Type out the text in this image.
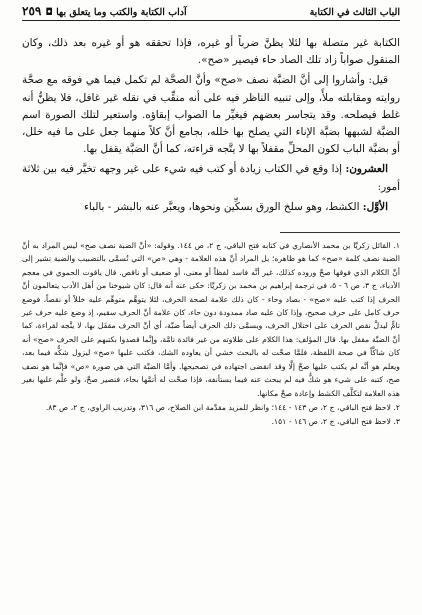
الباب الثالث في الكتابة
آداب الكتابة والكتب وما يتعلق بها ◘
٢٥٩

الكتابة غير متصلة بها لئلا يظنَّ ضرباً أو غيره، فإذا تحققه هو أو غيره بعد ذلك، وكان المنقول صواباً زاد تلك الصاد حاء فيصير «صح».

قيل: وأشاروا إلى أنَّ الضبَّة نصف «صح» وأنَّ الصحَّة لم تكمل فيما هي فوقه مع صحَّة روايته ومقابلته ملأً، وإلى تنبيه الناظر فيه على أنه منقِّب في نقله غير غافل، فلا يظنُّ أنه غلط فيصلحه. وقد يتجاسر بعضهم فيغيِّر ما الصواب إبقاؤه. واستعير لتلك الصورة اسم الضبَّة لشبهها بضبَّة الإناء التي يصلح بها خلله، بجامع أنَّ كلاً منهما جعل على ما فيه خلل، أو بضبَّة الباب لكون المحلِّ مقفلاً بها لا يتَّجه قراءته، كما أنَّ الضبَّة يقفل بها.

العشرون: إذا وقع في الكتاب زيادة أو كتب فيه شيء على غير وجهه تخيَّر فيه بين ثلاثة أمور:

الأوَّل: الكشط، وهو سلخ الورق بسكِّين ونحوها، ويعبَّر عنه بالبشر - بالباء

١. القائل زكريَّا بن محمد الأنصاري في كتابه فتح الباقي، ج ٢، ص ١٤٤. وقوله: «أنَّ الضبة نصف صح» ليس المراد به أنَّ الضبة نصف كلمة «صح» كما هو ظاهره؛ بل المراد أنَّ هذه العلامة - وهي «ص» التي تُسمَّى بالتضبيب والضبة تشير إلى أنَّ الكلام الذي فوقها صحَّ وروده كذلك، غير أنَّه فاسد لفظاً أو معنى، أو ضعيف أو ناقص. قال ياقوت الحموي في معجم الأدباء، ج ٣، ص ٦ - ٥، في ترجمة إبراهيم بن محمد بن زكريَّا: حكى عنه أنه قال: كان شيوخنا من أهل الأدب يتعالمون أنَّ الحرف إذا كتب عليه «صح» - بصاد وحاء - كان ذلك علامة لصحة الحرف، لئلا يتوهَّم متوهِّم عليه خللاً أو نقصاً، فوضع حرف كامل على حرف صحيح، وإذا كان عليه صاد ممدودة دون حاء، كان علامة أنَّ الحرف سقيم، إذ وضع عليه حرف غير تامٍّ ليدلَّ نقص الحرف على اختلال الحرف، ويسمَّى ذلك الحرف أيضاً ضبَّة، أي أنَّ الحرف مقفَل بها، لا يتَّجه لقراءة، كما أنَّ الضبَّة مقفل بها. قال المؤلف: هذا الكلام على طلاوته من غير فائدة تامَّة، وإنَّما قصدوا بكتبهم على الحرف «صح» أنه كان شاكَّاً في صحة اللفظة، فلمَّا صحَّت له بالبحث خشي أن يعاوده الشك، فكتب عليها «صح» ليزول شكُّه فيما بعد، ويعلم هو أنَّه لم يكتب عليها صحَّ إلَّا وقد انقضى اجتهاده في تصحيحها. وأمَّا الضبَّة التي هي صورة «ص» فإنَّما هو نصف صح، كتبه على شيء هو شكٌّ فيه لم يبحث عنه فيما يستأنفه، فإذا صحَّت له أتمَّها بحاء، فتصير صحَّ، ولو علَّم عليها بغير هذه العلامة لتكلَّف الكشط وإعادة صحَّ مكانها.

٢. لاحظ فتح الباقي، ج ٢، ص ١٤٣ - ١٤٤؛ وانظر للمزيد مقدَّمة ابن الصلاح، ص ٣١٦، وتدريب الراوي، ج ٢، ص ٨٣.

٣. لاحظ فتح الباقي، ج ٢، ص ١٤٦ - ١٥١.
